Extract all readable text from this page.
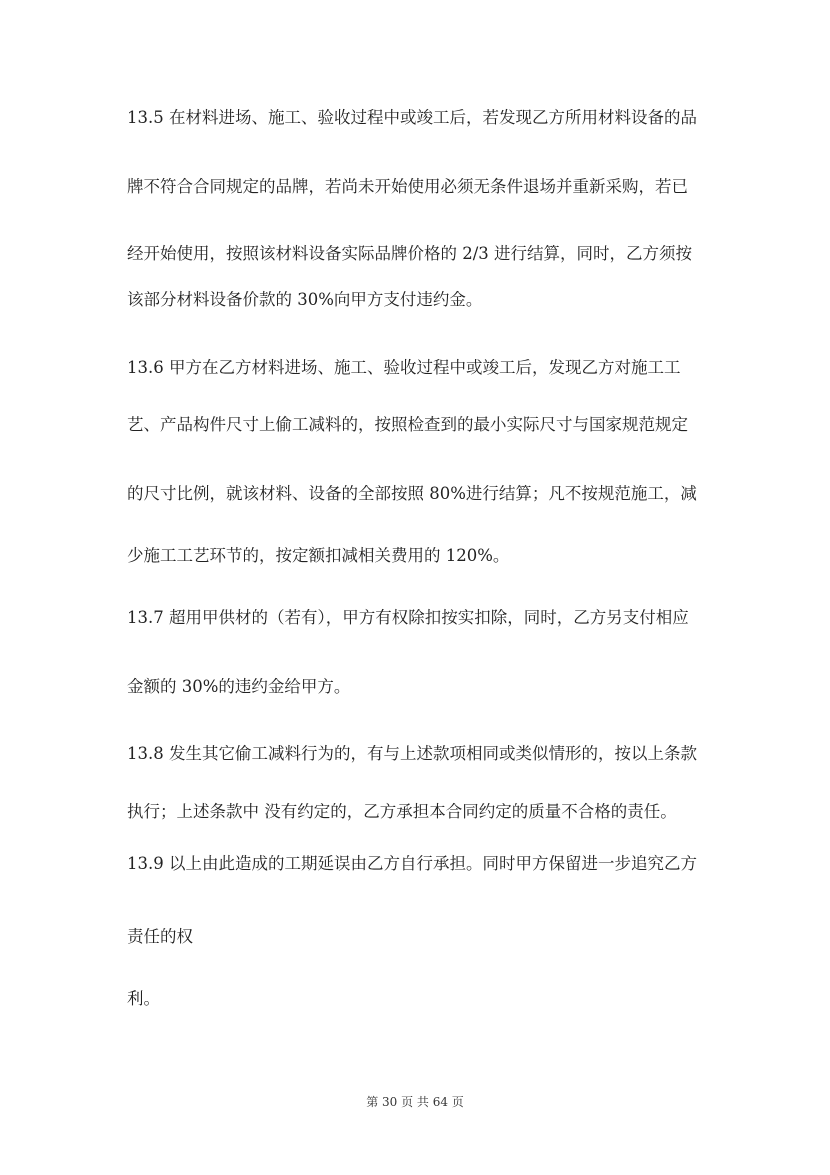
13.5 在材料进场、施工、验收过程中或竣工后，若发现乙方所用材料设备的品
牌不符合合同规定的品牌，若尚未开始使用必须无条件退场并重新采购，若已
经开始使用，按照该材料设备实际品牌价格的 2/3 进行结算，同时，乙方须按
该部分材料设备价款的 30%向甲方支付违约金。
13.6 甲方在乙方材料进场、施工、验收过程中或竣工后，发现乙方对施工工
艺、产品构件尺寸上偷工减料的，按照检查到的最小实际尺寸与国家规范规定
的尺寸比例，就该材料、设备的全部按照 80%进行结算；凡不按规范施工，减
少施工工艺环节的，按定额扣减相关费用的 120%。
13.7 超用甲供材的（若有），甲方有权除扣按实扣除，同时，乙方另支付相应
金额的 30%的违约金给甲方。
13.8 发生其它偷工减料行为的，有与上述款项相同或类似情形的，按以上条款
执行；上述条款中 没有约定的，乙方承担本合同约定的质量不合格的责任。
13.9 以上由此造成的工期延误由乙方自行承担。同时甲方保留进一步追究乙方
责任的权
利。
第 30 页 共 64 页
